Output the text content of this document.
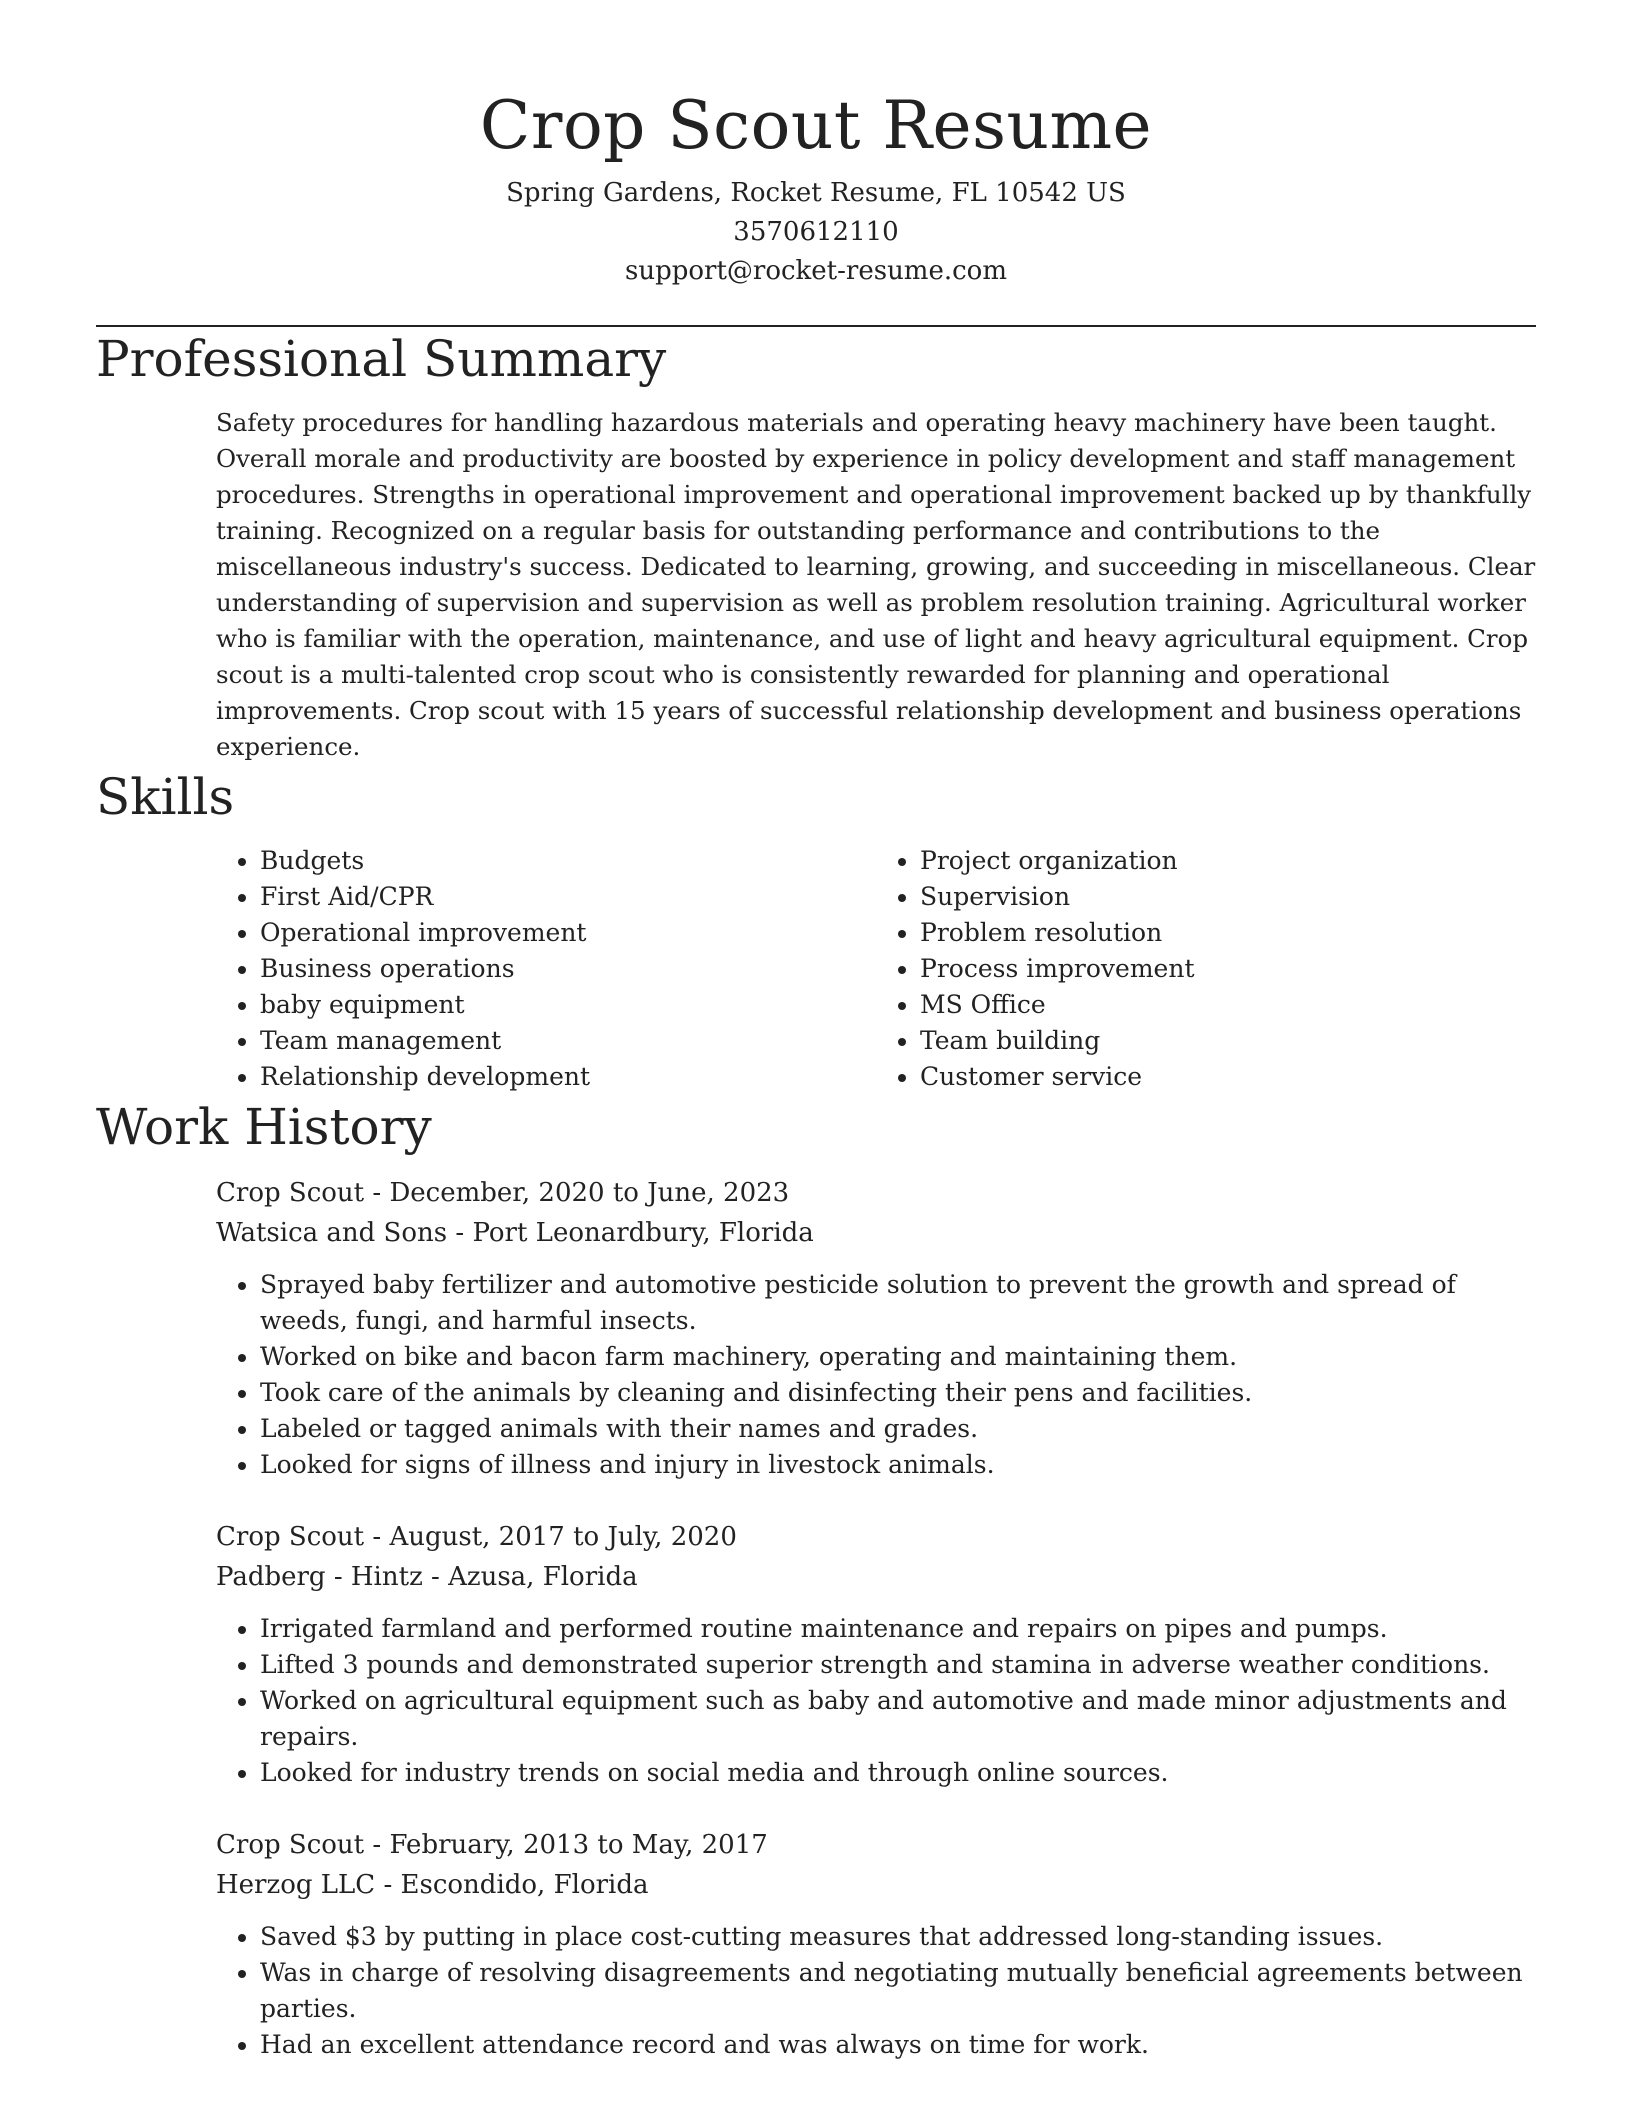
Crop Scout Resume
Spring Gardens, Rocket Resume, FL 10542 US
3570612110
support@rocket-resume.com
Professional Summary

Safety procedures for handling hazardous materials and operating heavy machinery have been taught. Overall morale and productivity are boosted by experience in policy development and staff management procedures. Strengths in operational improvement and operational improvement backed up by thankfully training. Recognized on a regular basis for outstanding performance and contributions to the miscellaneous industry's success. Dedicated to learning, growing, and succeeding in miscellaneous. Clear understanding of supervision and supervision as well as problem resolution training. Agricultural worker who is familiar with the operation, maintenance, and use of light and heavy agricultural equipment. Crop scout is a multi-talented crop scout who is consistently rewarded for planning and operational improvements. Crop scout with 15 years of successful relationship development and business operations experience.

Skills
• Budgets
• First Aid/CPR
• Operational improvement
• Business operations
• baby equipment
• Team management
• Relationship development
• Project organization
• Supervision
• Problem resolution
• Process improvement
• MS Office
• Team building
• Customer service
Work History
Crop Scout - December, 2020 to June, 2023
Watsica and Sons - Port Leonardbury, Florida
• Sprayed baby fertilizer and automotive pesticide solution to prevent the growth and spread of weeds, fungi, and harmful insects.
• Worked on bike and bacon farm machinery, operating and maintaining them.
• Took care of the animals by cleaning and disinfecting their pens and facilities.
• Labeled or tagged animals with their names and grades.
• Looked for signs of illness and injury in livestock animals.
Crop Scout - August, 2017 to July, 2020
Padberg - Hintz - Azusa, Florida
• Irrigated farmland and performed routine maintenance and repairs on pipes and pumps.
• Lifted 3 pounds and demonstrated superior strength and stamina in adverse weather conditions.
• Worked on agricultural equipment such as baby and automotive and made minor adjustments and repairs.
• Looked for industry trends on social media and through online sources.
Crop Scout - February, 2013 to May, 2017
Herzog LLC - Escondido, Florida
• Saved $3 by putting in place cost-cutting measures that addressed long-standing issues.
• Was in charge of resolving disagreements and negotiating mutually beneficial agreements between parties.
• Had an excellent attendance record and was always on time for work.
